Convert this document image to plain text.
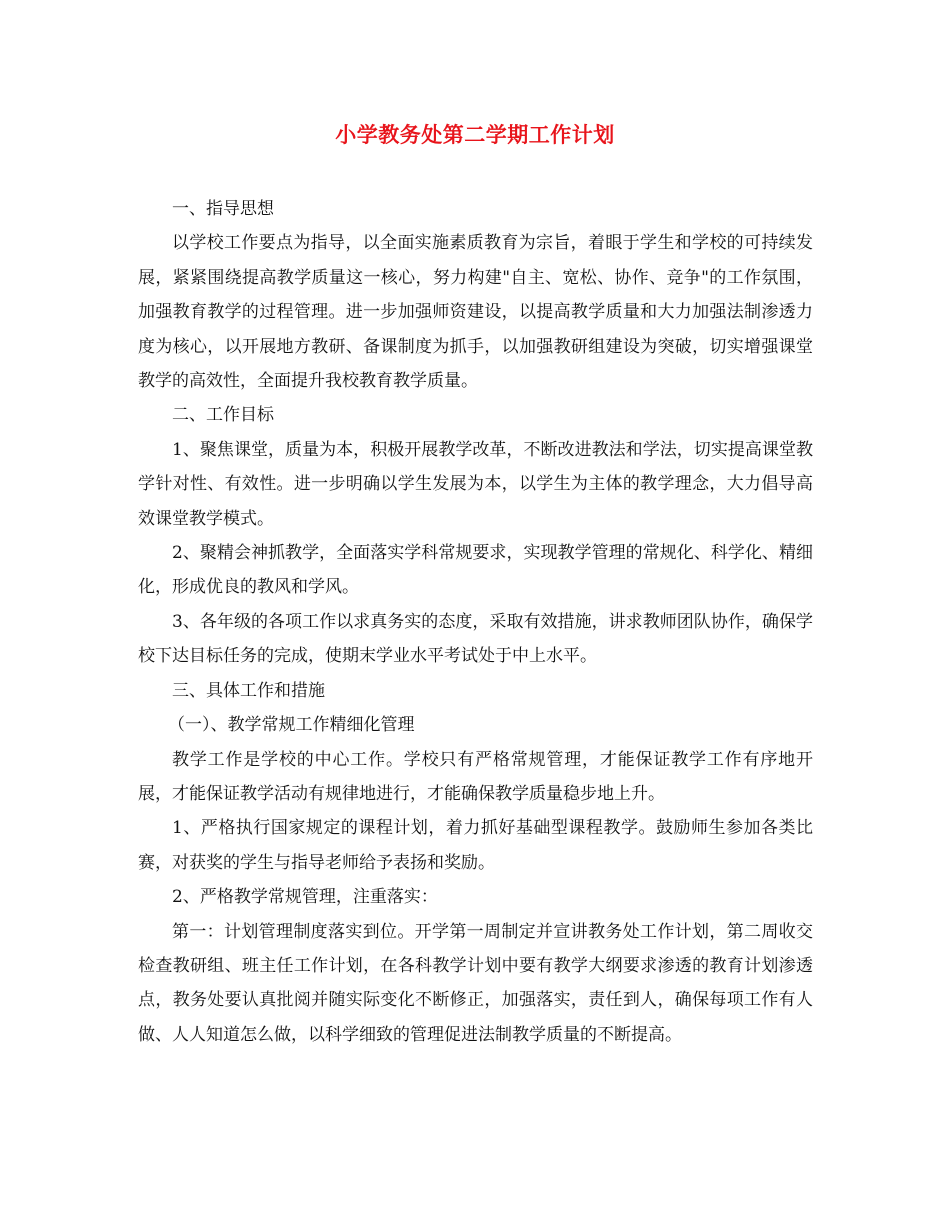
小学教务处第二学期工作计划

一、指导思想

以学校工作要点为指导，以全面实施素质教育为宗旨，着眼于学生和学校的可持续发展，紧紧围绕提高教学质量这一核心，努力构建"自主、宽松、协作、竞争"的工作氛围，加强教育教学的过程管理。进一步加强师资建设，以提高教学质量和大力加强法制渗透力度为核心，以开展地方教研、备课制度为抓手，以加强教研组建设为突破，切实增强课堂教学的高效性，全面提升我校教育教学质量。

二、工作目标

1、聚焦课堂，质量为本，积极开展教学改革，不断改进教法和学法，切实提高课堂教学针对性、有效性。进一步明确以学生发展为本，以学生为主体的教学理念，大力倡导高效课堂教学模式。

2、聚精会神抓教学，全面落实学科常规要求，实现教学管理的常规化、科学化、精细化，形成优良的教风和学风。

3、各年级的各项工作以求真务实的态度，采取有效措施，讲求教师团队协作，确保学校下达目标任务的完成，使期末学业水平考试处于中上水平。

三、具体工作和措施

（一）、教学常规工作精细化管理

教学工作是学校的中心工作。学校只有严格常规管理，才能保证教学工作有序地开展，才能保证教学活动有规律地进行，才能确保教学质量稳步地上升。

1、严格执行国家规定的课程计划，着力抓好基础型课程教学。鼓励师生参加各类比赛，对获奖的学生与指导老师给予表扬和奖励。

2、严格教学常规管理，注重落实：

第一：计划管理制度落实到位。开学第一周制定并宣讲教务处工作计划，第二周收交检查教研组、班主任工作计划，在各科教学计划中要有教学大纲要求渗透的教育计划渗透点，教务处要认真批阅并随实际变化不断修正，加强落实，责任到人，确保每项工作有人做、人人知道怎么做，以科学细致的管理促进法制教学质量的不断提高。
